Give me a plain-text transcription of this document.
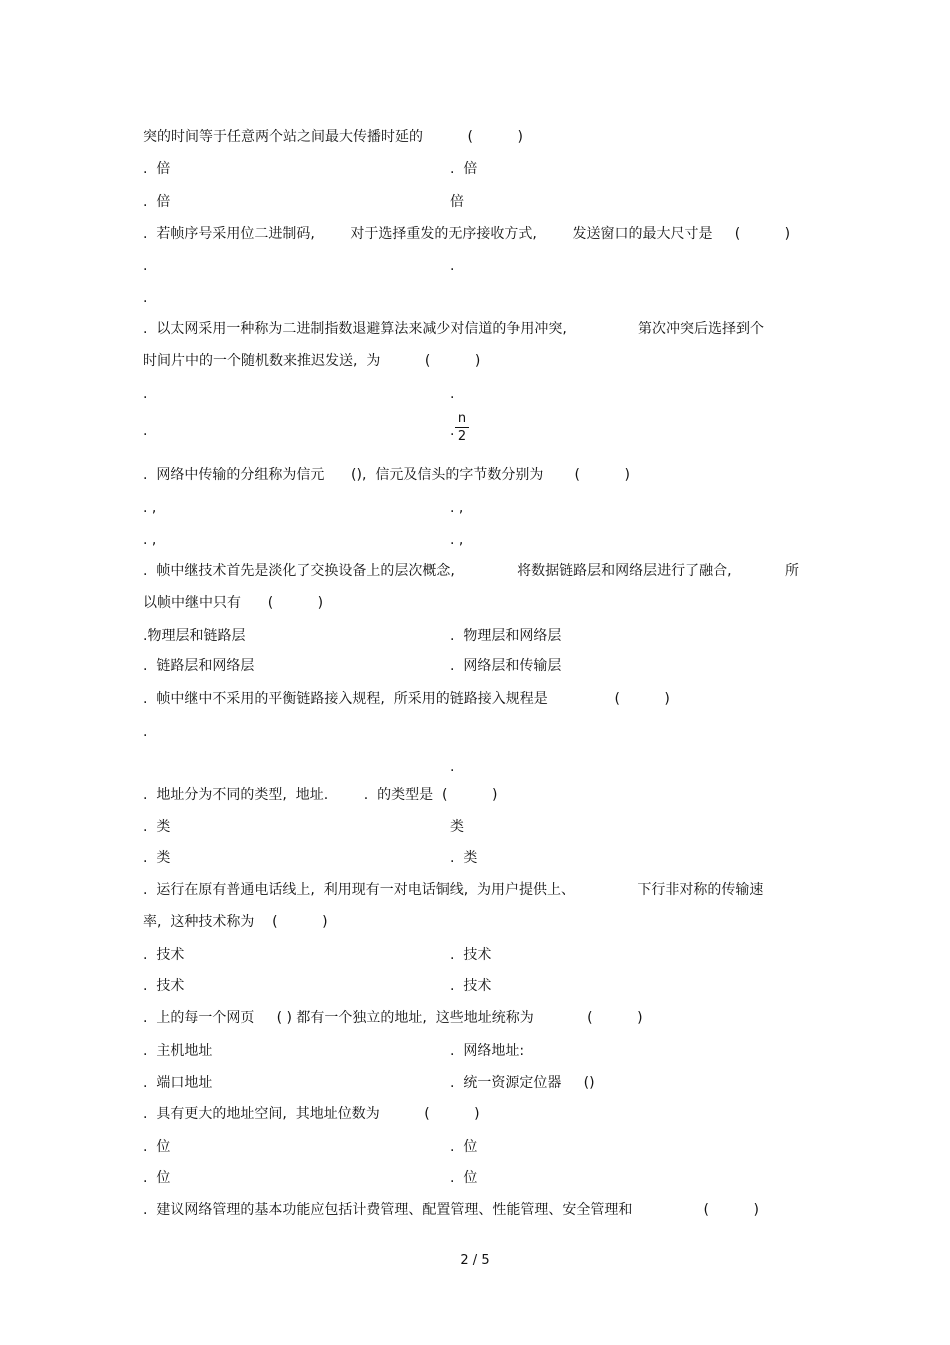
突的时间等于任意两个站之间最大传播时延的          (          )
.  倍	.  倍
.  倍	倍
.  若帧序号采用位二进制码,        对于选择重发的无序接收方式,        发送窗口的最大尺寸是     (          )
.	.
.
.  以太网采用一种称为二进制指数退避算法来减少对信道的争用冲突,                第次冲突后选择到个
时间片中的一个随机数来推迟发送,  为          (          )
.	.
.	.
n
2
.  网络中传输的分组称为信元      (),  信元及信头的字节数分别为       (          )
. ,	. ,
. ,	. ,
.  帧中继技术首先是淡化了交换设备上的层次概念,              将数据链路层和网络层进行了融合,            所
以帧中继中只有      (          )
.物理层和链路层	.  物理层和网络层
.  链路层和网络层	.  网络层和传输层
.  帧中继中不采用的平衡链路接入规程,  所采用的链路接入规程是               (          )
.
.
.  地址分为不同的类型,  地址.        .  的类型是  (          )
.  类	类
.  类	.  类
.  运行在原有普通电话线上,  利用现有一对电话铜线,  为用户提供上、              下行非对称的传输速
率,  这种技术称为    (          )
.  技术	.  技术
.  技术	.  技术
.  上的每一个网页     ( ) 都有一个独立的地址,  这些地址统称为            (          )
.  主机地址	.  网络地址:
.  端口地址	.  统一资源定位器     ()
.  具有更大的地址空间,  其地址位数为          (          )
.  位	.  位
.  位	.  位
.  建议网络管理的基本功能应包括计费管理、配置管理、性能管理、安全管理和                (          )
2 / 5
